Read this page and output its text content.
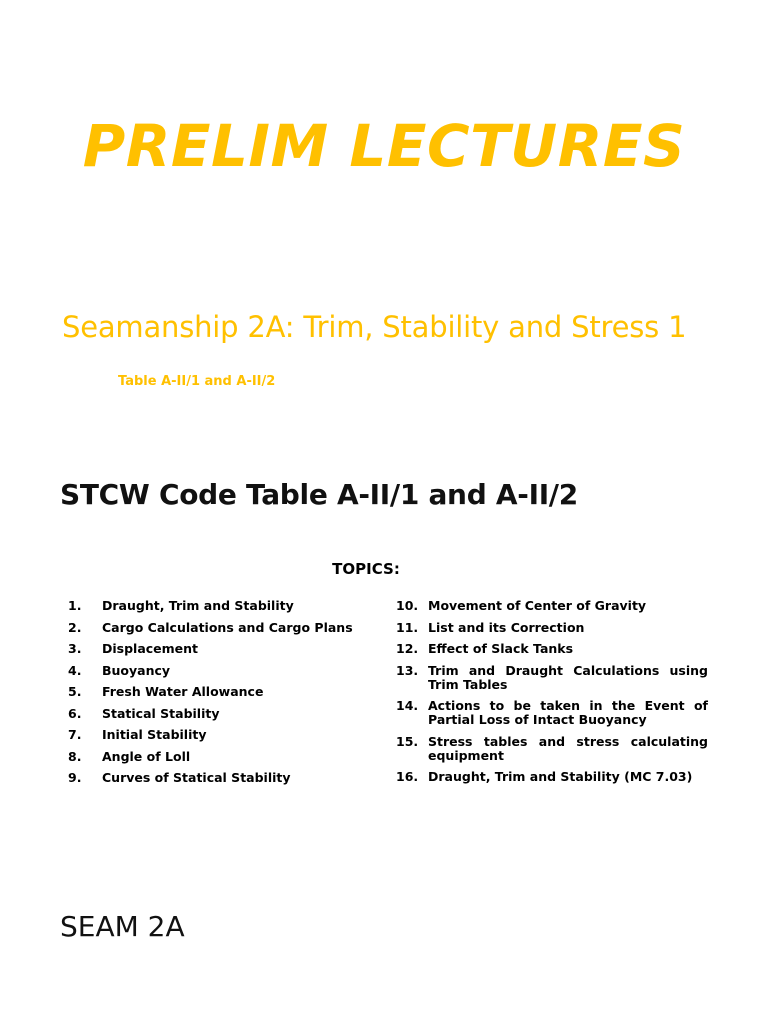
PRELIM LECTURES

Seamanship 2A: Trim, Stability and Stress 1

Table A-II/1 and A-II/2

STCW Code Table A-II/1 and A-II/2
TOPICS:
1.	Draught, Trim and Stability
2.	Cargo Calculations and Cargo Plans
3.	Displacement
4.	Buoyancy
5.	Fresh Water Allowance
6.	Statical Stability
7.	Initial Stability
8.	Angle of Loll
9.	Curves of Statical Stability
10. Movement of Center of Gravity
11. List and its Correction
12. Effect of Slack Tanks
13. Trim and Draught Calculations using Trim Tables
14. Actions to be taken in the Event of Partial Loss of Intact Buoyancy
15. Stress tables and stress calculating equipment
16. Draught, Trim and Stability (MC 7.03)

SEAM 2A
